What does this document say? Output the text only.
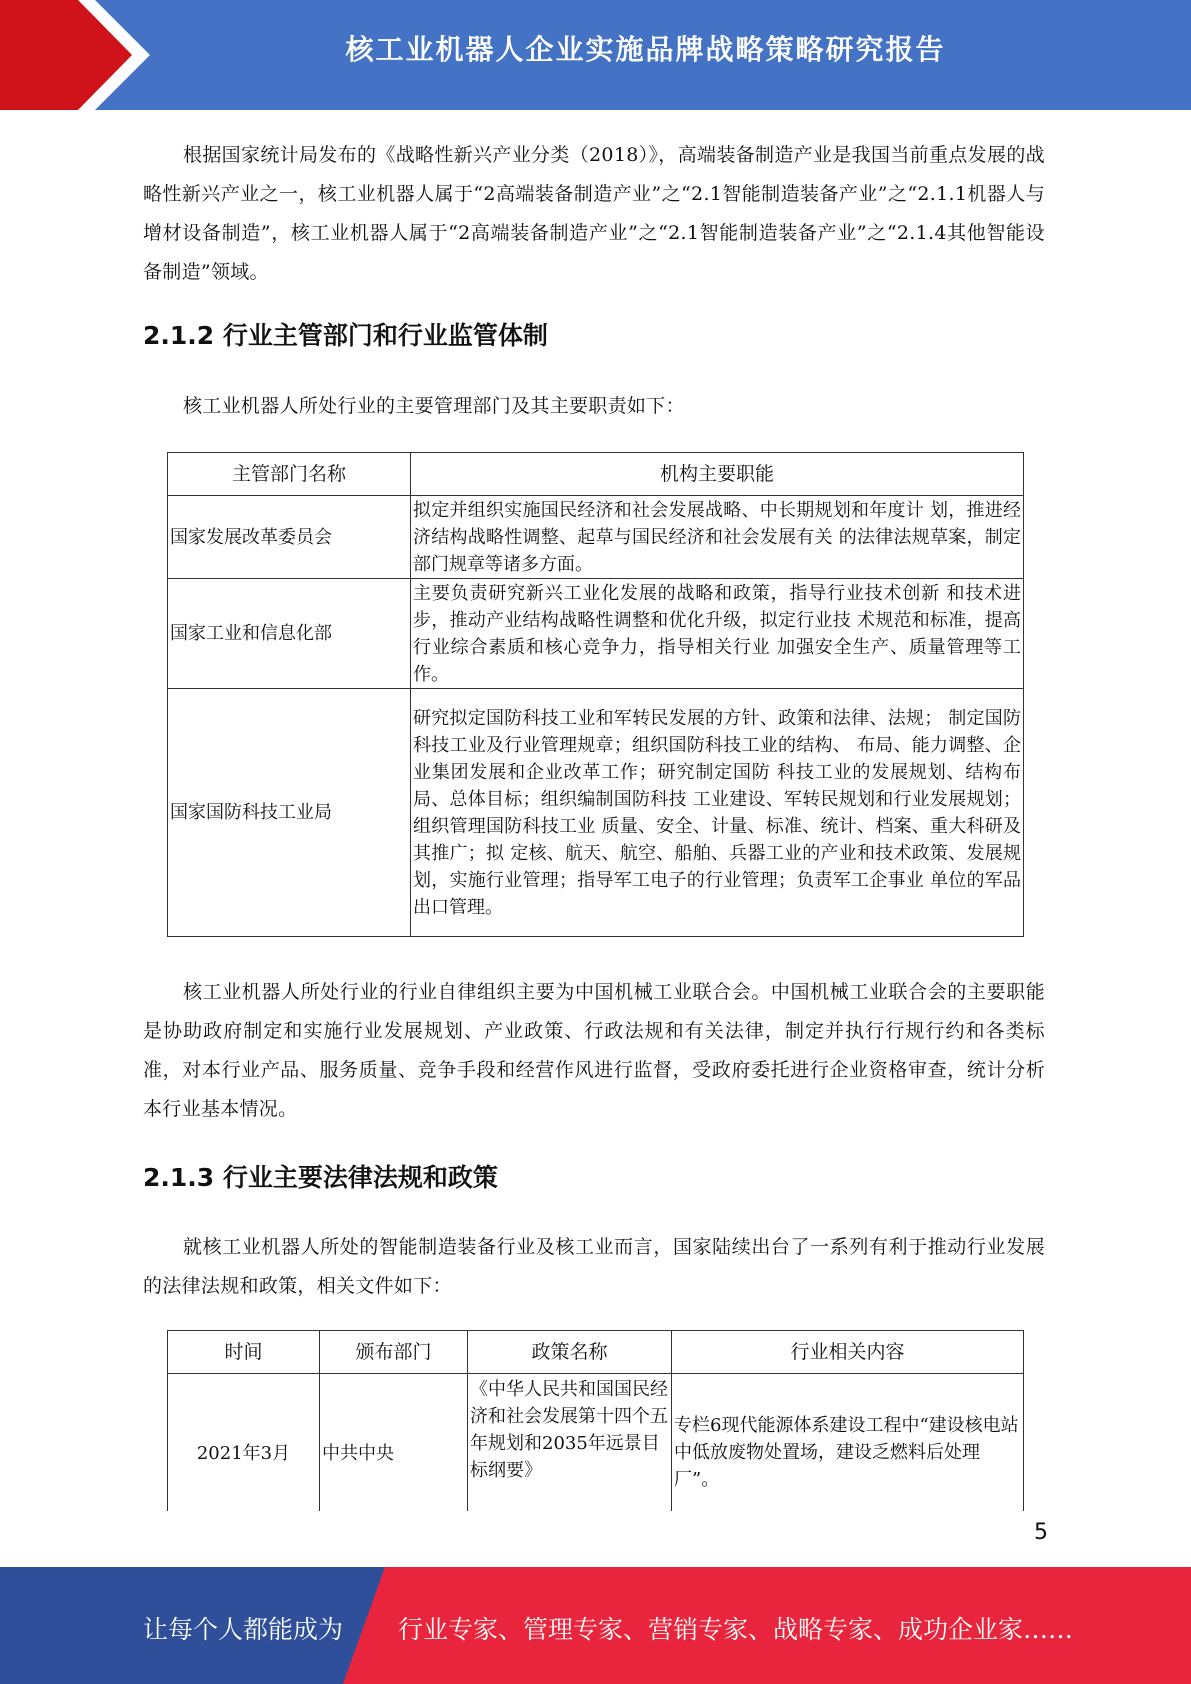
核工业机器人企业实施品牌战略策略研究报告

根据国家统计局发布的《战略性新兴产业分类（2018）》，高端装备制造产业是我国当前重点发展的战略性新兴产业之一，核工业机器人属于“2高端装备制造产业”之“2.1智能制造装备产业”之“2.1.1机器人与增材设备制造”，核工业机器人属于“2高端装备制造产业”之“2.1智能制造装备产业”之“2.1.4其他智能设备制造”领域。

2.1.2 行业主管部门和行业监管体制

核工业机器人所处行业的主要管理部门及其主要职责如下：

主管部门名称	机构主要职能
国家发展改革委员会	拟定并组织实施国民经济和社会发展战略、中长期规划和年度计 划，推进经济结构战略性调整、起草与国民经济和社会发展有关 的法律法规草案，制定部门规章等诸多方面。
国家工业和信息化部	主要负责研究新兴工业化发展的战略和政策，指导行业技术创新 和技术进步，推动产业结构战略性调整和优化升级，拟定行业技 术规范和标准，提高行业综合素质和核心竞争力，指导相关行业 加强安全生产、质量管理等工作。
国家国防科技工业局	研究拟定国防科技工业和军转民发展的方针、政策和法律、法规； 制定国防科技工业及行业管理规章；组织国防科技工业的结构、 布局、能力调整、企业集团发展和企业改革工作；研究制定国防 科技工业的发展规划、结构布局、总体目标；组织编制国防科技 工业建设、军转民规划和行业发展规划；组织管理国防科技工业 质量、安全、计量、标准、统计、档案、重大科研及其推广；拟 定核、航天、航空、船舶、兵器工业的产业和技术政策、发展规 划，实施行业管理；指导军工电子的行业管理；负责军工企事业 单位的军品出口管理。

核工业机器人所处行业的行业自律组织主要为中国机械工业联合会。中国机械工业联合会的主要职能是协助政府制定和实施行业发展规划、产业政策、行政法规和有关法律，制定并执行行规行约和各类标准，对本行业产品、服务质量、竞争手段和经营作风进行监督，受政府委托进行企业资格审查，统计分析本行业基本情况。

2.1.3 行业主要法律法规和政策

就核工业机器人所处的智能制造装备行业及核工业而言，国家陆续出台了一系列有利于推动行业发展的法律法规和政策，相关文件如下：

时间	颁布部门	政策名称	行业相关内容
2021年3月	中共中央	《中华人民共和国国民经济和社会发展第十四个五年规划和2035年远景目标纲要》	专栏6现代能源体系建设工程中“建设核电站中低放废物处置场，建设乏燃料后处理厂”。
5
让每个人都能成为 行业专家、管理专家、营销专家、战略专家、成功企业家……
